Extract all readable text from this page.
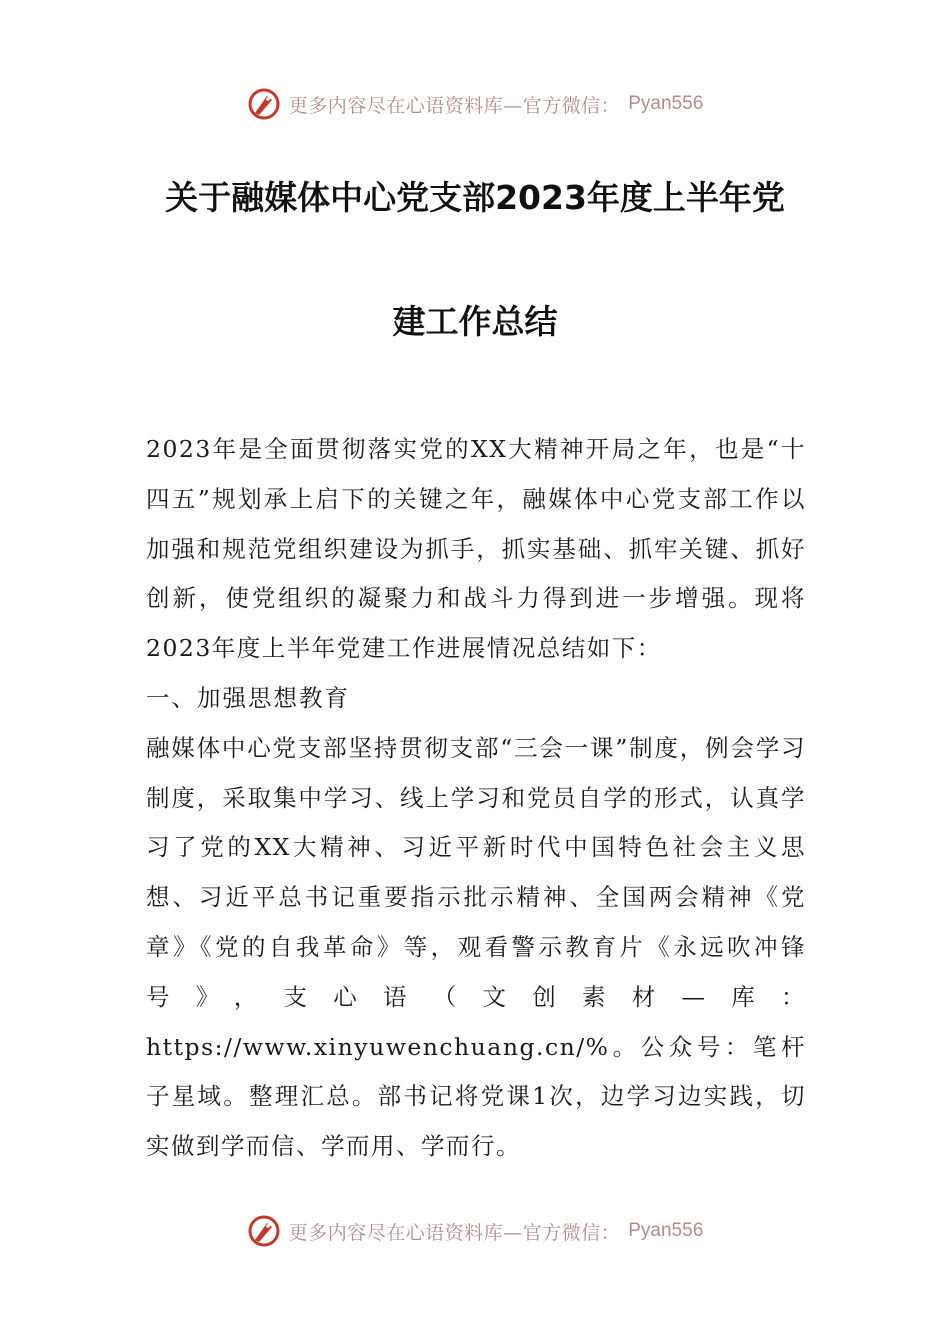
更多内容尽在心语资料库—官方微信： Pyan556
关于融媒体中心党支部2023年度上半年党
建工作总结

2023年是全面贯彻落实党的XX大精神开局之年，也是“十四五”规划承上启下的关键之年，融媒体中心党支部工作以加强和规范党组织建设为抓手，抓实基础、抓牢关键、抓好创新，使党组织的凝聚力和战斗力得到进一步增强。现将2023年度上半年党建工作进展情况总结如下：

一、加强思想教育

融媒体中心党支部坚持贯彻支部“三会一课”制度，例会学习制度，采取集中学习、线上学习和党员自学的形式，认真学习了党的XX大精神、习近平新时代中国特色社会主义思想、习近平总书记重要指示批示精神、全国两会精神《党章》《党的自我革命》等，观看警示教育片《永远吹冲锋号》，支心语（文创素材—库：https://www.xinyuwenchuang.cn/%。公众号：笔杆子星域。整理汇总。部书记将党课1次，边学习边实践，切实做到学而信、学而用、学而行。

更多内容尽在心语资料库—官方微信： Pyan556
